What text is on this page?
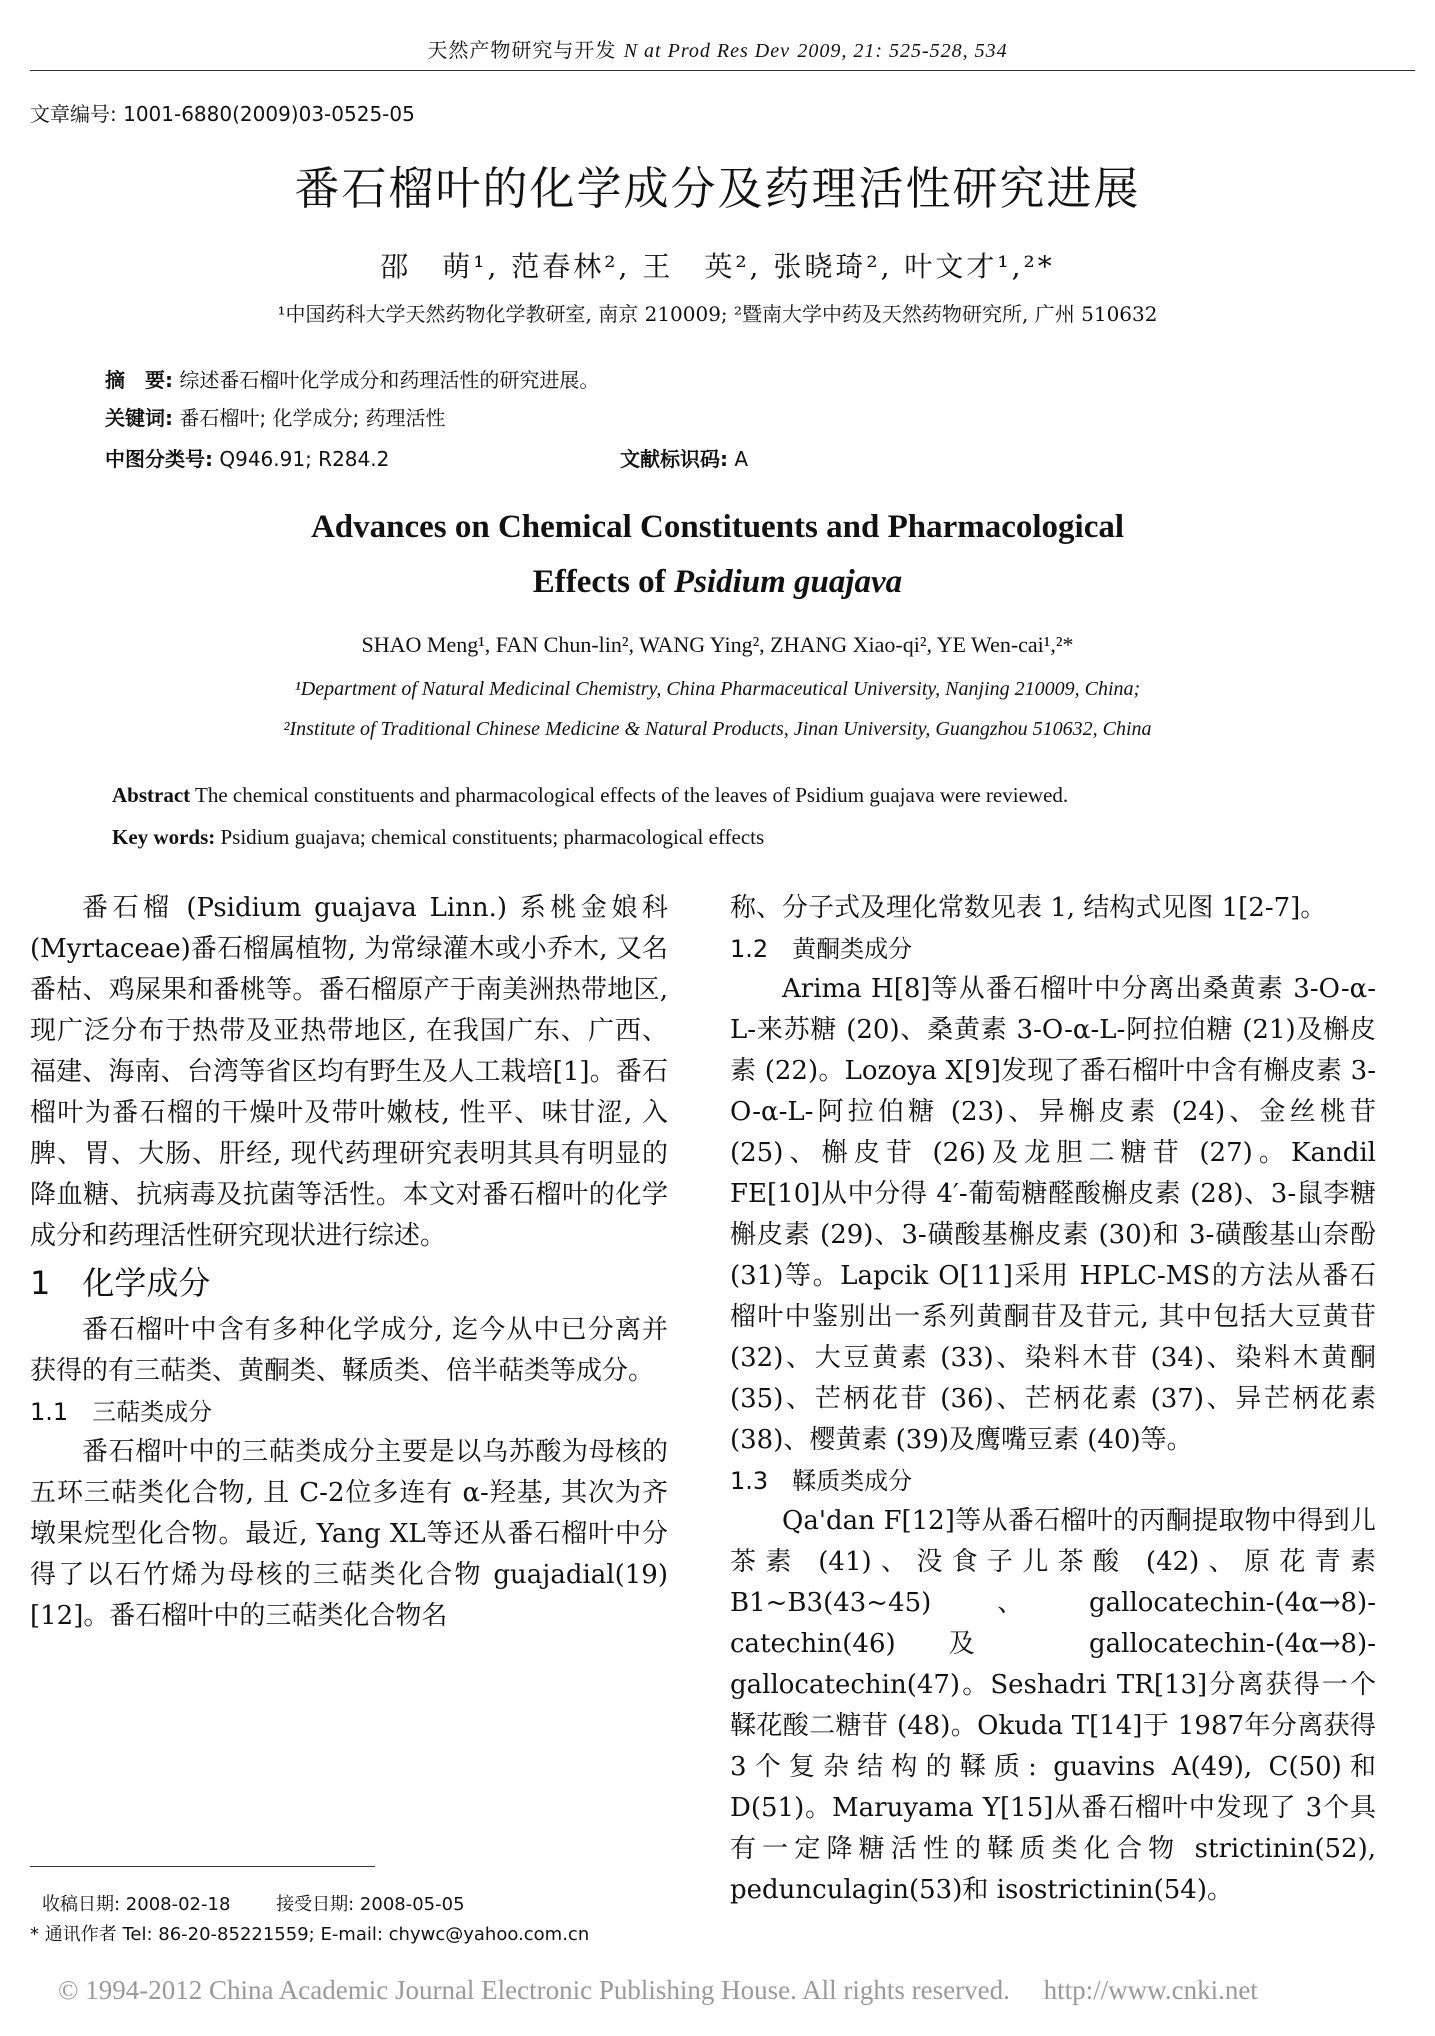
天然产物研究与开发 N at Prod Res Dev 2009, 21: 525-528, 534
文章编号: 1001-6880(2009)03-0525-05
番石榴叶的化学成分及药理活性研究进展
邵　萌¹, 范春林², 王　英², 张晓琦², 叶文才¹,²*
¹中国药科大学天然药物化学教研室, 南京 210009; ²暨南大学中药及天然药物研究所, 广州 510632
摘　要: 综述番石榴叶化学成分和药理活性的研究进展。
关键词: 番石榴叶; 化学成分; 药理活性
中图分类号: Q946.91; R284.2	文献标识码: A
Advances on Chemical Constituents and Pharmacological
Effects of Psidium guajava
SHAO Meng¹, FAN Chun-lin², WANG Ying², ZHANG Xiao-qi², YE Wen-cai¹,²*
¹Department of Natural Medicinal Chemistry, China Pharmaceutical University, Nanjing 210009, China;
²Institute of Traditional Chinese Medicine & Natural Products, Jinan University, Guangzhou 510632, China
Abstract The chemical constituents and pharmacological effects of the leaves of Psidium guajava were reviewed.
Key words: Psidium guajava; chemical constituents; pharmacological effects

番石榴 (Psidium guajava Linn.) 系桃金娘科 (Myrtaceae)番石榴属植物, 为常绿灌木或小乔木, 又名番枯、鸡屎果和番桃等。番石榴原产于南美洲热带地区, 现广泛分布于热带及亚热带地区, 在我国广东、广西、福建、海南、台湾等省区均有野生及人工栽培[1]。番石榴叶为番石榴的干燥叶及带叶嫩枝, 性平、味甘涩, 入脾、胃、大肠、肝经, 现代药理研究表明其具有明显的降血糖、抗病毒及抗菌等活性。本文对番石榴叶的化学成分和药理活性研究现状进行综述。

1　化学成分

番石榴叶中含有多种化学成分, 迄今从中已分离并获得的有三萜类、黄酮类、鞣质类、倍半萜类等成分。

1.1　三萜类成分

番石榴叶中的三萜类成分主要是以乌苏酸为母核的五环三萜类化合物, 且 C-2位多连有 α-羟基, 其次为齐墩果烷型化合物。最近, Yang XL等还从番石榴叶中分得了以石竹烯为母核的三萜类化合物 guajadial(19)[12]。番石榴叶中的三萜类化合物名

称、分子式及理化常数见表 1, 结构式见图 1[2-7]。

1.2　黄酮类成分

Arima H[8]等从番石榴叶中分离出桑黄素 3-O-α-L-来苏糖 (20)、桑黄素 3-O-α-L-阿拉伯糖 (21)及槲皮素 (22)。Lozoya X[9]发现了番石榴叶中含有槲皮素 3-O-α-L-阿拉伯糖 (23)、异槲皮素 (24)、金丝桃苷 (25)、槲皮苷 (26)及龙胆二糖苷 (27)。Kandil FE[10]从中分得 4′-葡萄糖醛酸槲皮素 (28)、3-鼠李糖槲皮素 (29)、3-磺酸基槲皮素 (30)和 3-磺酸基山奈酚 (31)等。Lapcik O[11]采用 HPLC-MS的方法从番石榴叶中鉴别出一系列黄酮苷及苷元, 其中包括大豆黄苷 (32)、大豆黄素 (33)、染料木苷 (34)、染料木黄酮 (35)、芒柄花苷 (36)、芒柄花素 (37)、异芒柄花素 (38)、樱黄素 (39)及鹰嘴豆素 (40)等。

1.3　鞣质类成分

Qa'dan F[12]等从番石榴叶的丙酮提取物中得到儿茶素 (41)、没食子儿茶酸 (42)、原花青素 B1~B3(43~45)、gallocatechin-(4α→8)-catechin(46)及 gallocatechin-(4α→8)-gallocatechin(47)。Seshadri TR[13]分离获得一个鞣花酸二糖苷 (48)。Okuda T[14]于 1987年分离获得 3个复杂结构的鞣质: guavins A(49), C(50)和 D(51)。Maruyama Y[15]从番石榴叶中发现了 3个具有一定降糖活性的鞣质类化合物 strictinin(52), pedunculagin(53)和 isostrictinin(54)。

收稿日期: 2008-02-18	接受日期: 2008-05-05
* 通讯作者 Tel: 86-20-85221559; E-mail: chywc@yahoo.com.cn
© 1994-2012 China Academic Journal Electronic Publishing House. All rights reserved.　 http://www.cnki.net
